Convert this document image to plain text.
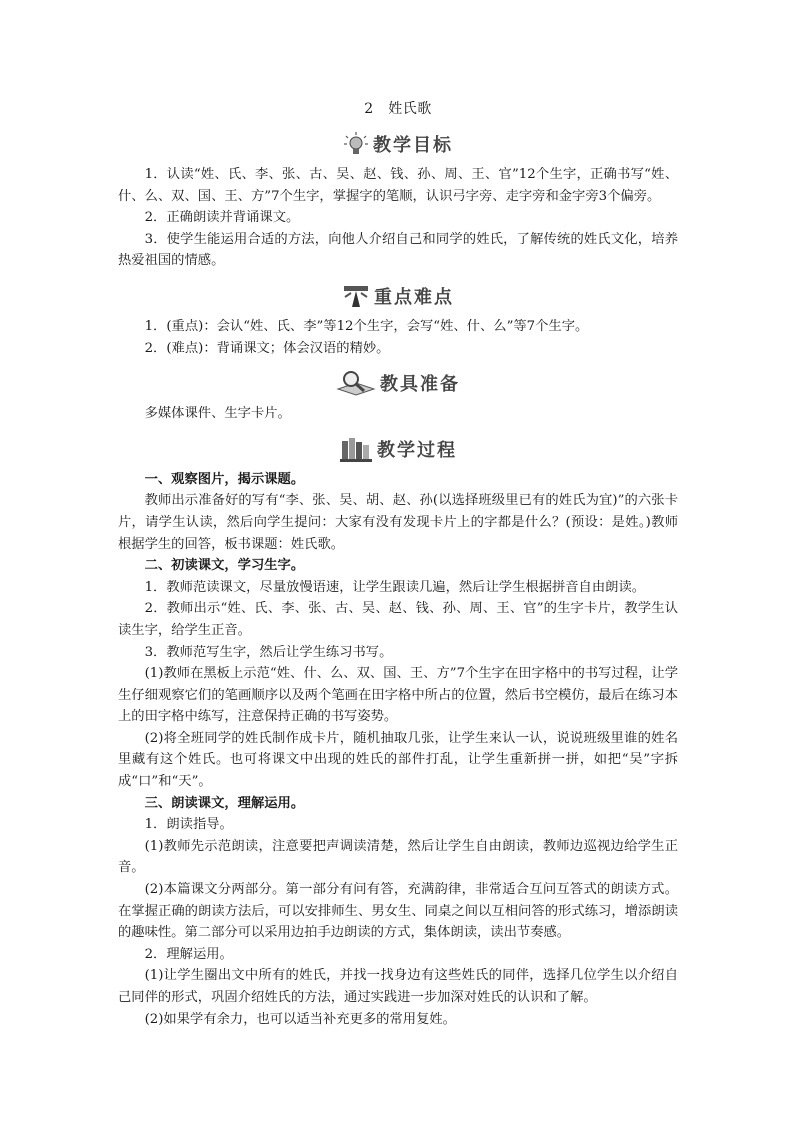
2　姓氏歌
教学目标

1．认读“姓、氏、李、张、古、吴、赵、钱、孙、周、王、官”12个生字，正确书写“姓、什、么、双、国、王、方”7个生字，掌握字的笔顺，认识弓字旁、走字旁和金字旁3个偏旁。

2．正确朗读并背诵课文。

3．使学生能运用合适的方法，向他人介绍自己和同学的姓氏，了解传统的姓氏文化，培养热爱祖国的情感。

重点难点

1．(重点)：会认“姓、氏、李”等12个生字，会写“姓、什、么”等7个生字。

2．(难点)：背诵课文；体会汉语的精妙。

教具准备

多媒体课件、生字卡片。

教学过程

一、观察图片，揭示课题。

教师出示准备好的写有“李、张、吴、胡、赵、孙(以选择班级里已有的姓氏为宜)”的六张卡片，请学生认读，然后向学生提问：大家有没有发现卡片上的字都是什么？(预设：是姓。)教师根据学生的回答，板书课题：姓氏歌。

二、初读课文，学习生字。

1．教师范读课文，尽量放慢语速，让学生跟读几遍，然后让学生根据拼音自由朗读。

2．教师出示“姓、氏、李、张、古、吴、赵、钱、孙、周、王、官”的生字卡片，教学生认读生字，给学生正音。

3．教师范写生字，然后让学生练习书写。

(1)教师在黑板上示范“姓、什、么、双、国、王、方”7个生字在田字格中的书写过程，让学生仔细观察它们的笔画顺序以及两个笔画在田字格中所占的位置，然后书空模仿，最后在练习本上的田字格中练写，注意保持正确的书写姿势。

(2)将全班同学的姓氏制作成卡片，随机抽取几张，让学生来认一认，说说班级里谁的姓名里藏有这个姓氏。也可将课文中出现的姓氏的部件打乱，让学生重新拼一拼，如把“吴”字拆成“口”和“天”。

三、朗读课文，理解运用。

1．朗读指导。

(1)教师先示范朗读，注意要把声调读清楚，然后让学生自由朗读，教师边巡视边给学生正音。

(2)本篇课文分两部分。第一部分有问有答，充满韵律，非常适合互问互答式的朗读方式。在掌握正确的朗读方法后，可以安排师生、男女生、同桌之间以互相问答的形式练习，增添朗读的趣味性。第二部分可以采用边拍手边朗读的方式，集体朗读，读出节奏感。

2．理解运用。

(1)让学生圈出文中所有的姓氏，并找一找身边有这些姓氏的同伴，选择几位学生以介绍自己同伴的形式，巩固介绍姓氏的方法，通过实践进一步加深对姓氏的认识和了解。

(2)如果学有余力，也可以适当补充更多的常用复姓。
